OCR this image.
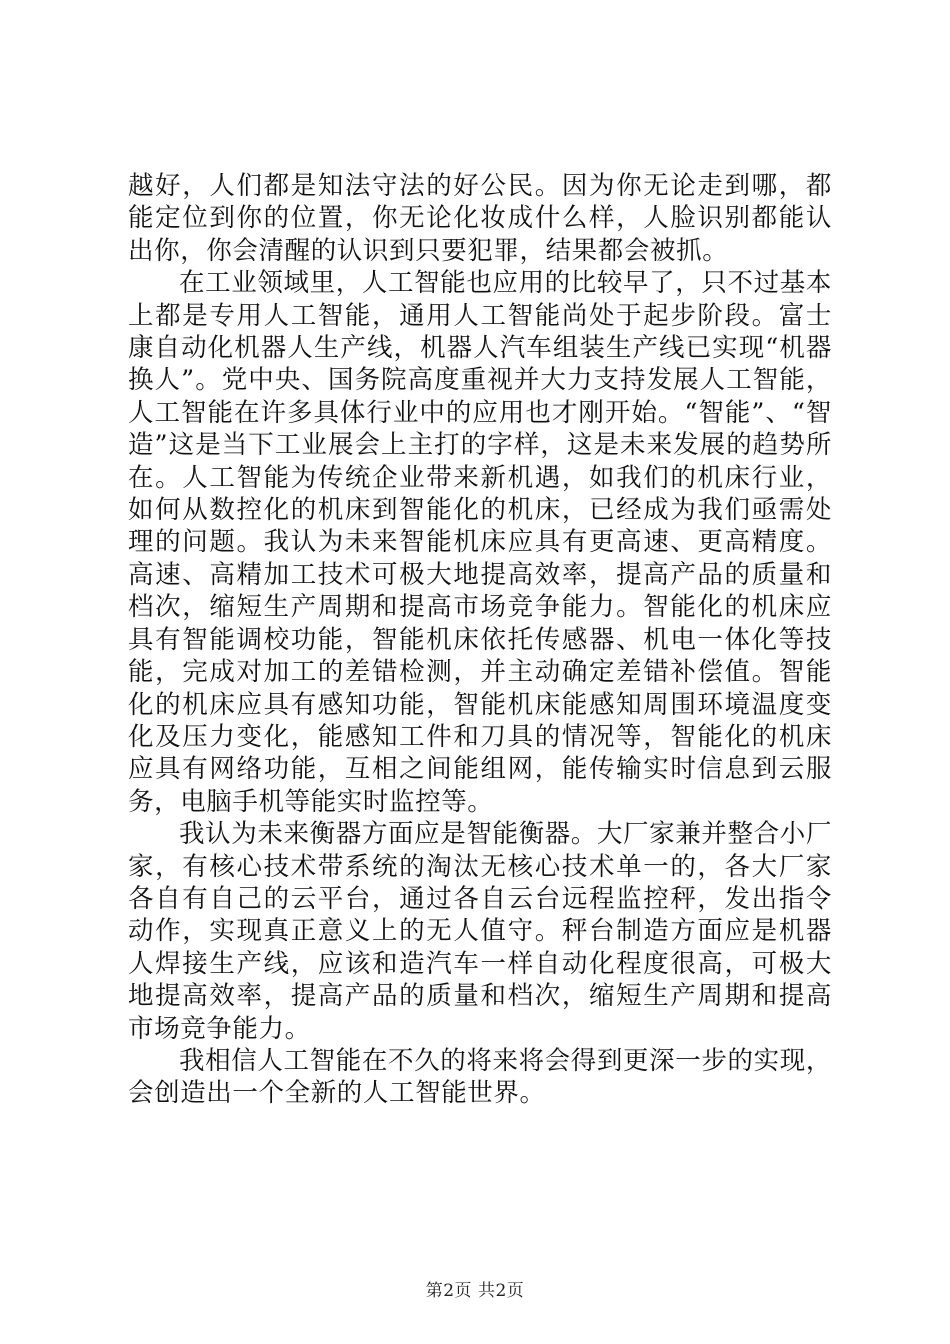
越好，人们都是知法守法的好公民。因为你无论走到哪，都能定位到你的位置，你无论化妆成什么样，人脸识别都能认出你，你会清醒的认识到只要犯罪，结果都会被抓。

在工业领域里，人工智能也应用的比较早了，只不过基本上都是专用人工智能，通用人工智能尚处于起步阶段。富士康自动化机器人生产线，机器人汽车组装生产线已实现“机器换人”。党中央、国务院高度重视并大力支持发展人工智能，人工智能在许多具体行业中的应用也才刚开始。“智能”、“智造”这是当下工业展会上主打的字样，这是未来发展的趋势所在。人工智能为传统企业带来新机遇，如我们的机床行业，如何从数控化的机床到智能化的机床，已经成为我们亟需处理的问题。我认为未来智能机床应具有更高速、更高精度。高速、高精加工技术可极大地提高效率，提高产品的质量和档次，缩短生产周期和提高市场竞争能力。智能化的机床应具有智能调校功能，智能机床依托传感器、机电一体化等技能，完成对加工的差错检测，并主动确定差错补偿值。智能化的机床应具有感知功能，智能机床能感知周围环境温度变化及压力变化，能感知工件和刀具的情况等，智能化的机床应具有网络功能，互相之间能组网，能传输实时信息到云服务，电脑手机等能实时监控等。

我认为未来衡器方面应是智能衡器。大厂家兼并整合小厂家，有核心技术带系统的淘汰无核心技术单一的，各大厂家各自有自己的云平台，通过各自云台远程监控秤，发出指令动作，实现真正意义上的无人值守。秤台制造方面应是机器人焊接生产线，应该和造汽车一样自动化程度很高，可极大地提高效率，提高产品的质量和档次，缩短生产周期和提高市场竞争能力。

我相信人工智能在不久的将来将会得到更深一步的实现，会创造出一个全新的人工智能世界。

第2页 共2页
